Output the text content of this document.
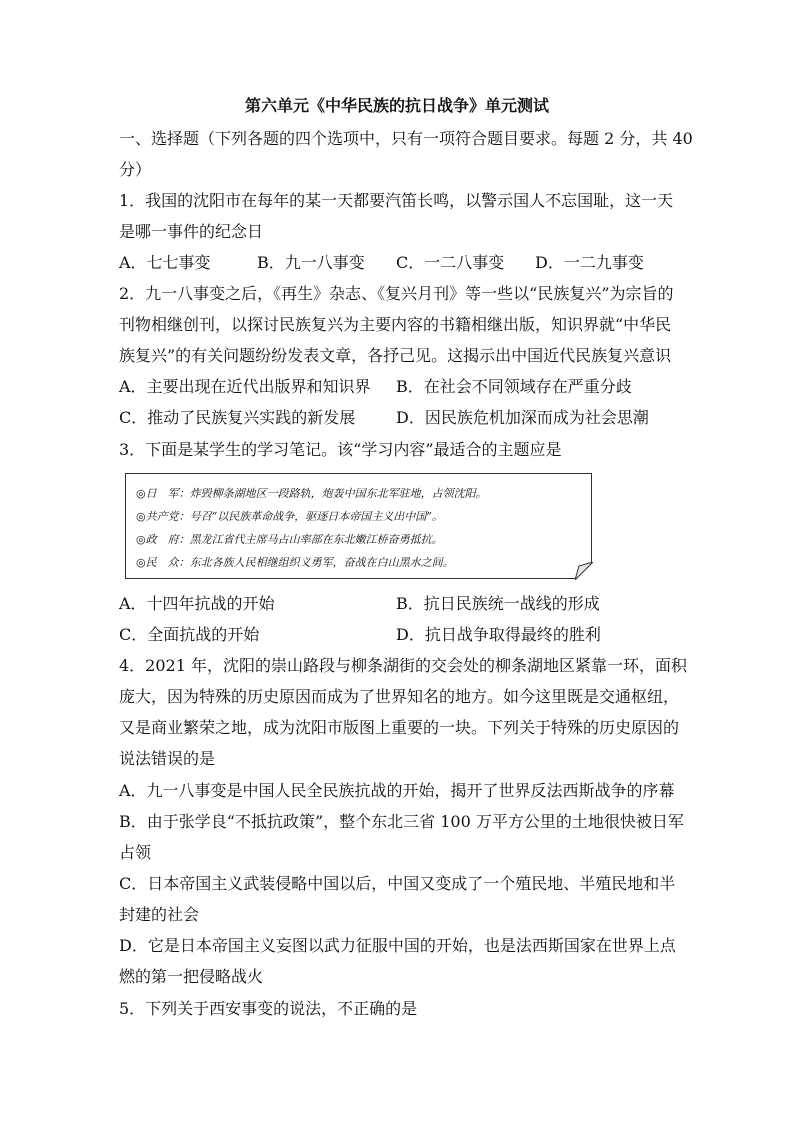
第六单元《中华民族的抗日战争》单元测试
一、选择题（下列各题的四个选项中，只有一项符合题目要求。每题 2 分，共 40
分）
1．我国的沈阳市在每年的某一天都要汽笛长鸣，以警示国人不忘国耻，这一天
是哪一事件的纪念日
A．七七事变	B．九一八事变 C．一二八事变 D．一二九事变
2．九一八事变之后，《再生》杂志、《复兴月刊》等一些以“民族复兴”为宗旨的
刊物相继创刊，以探讨民族复兴为主要内容的书籍相继出版，知识界就“中华民
族复兴”的有关问题纷纷发表文章，各抒己见。这揭示出中国近代民族复兴意识
A．主要出现在近代出版界和知识界 B．在社会不同领域存在严重分歧
C．推动了民族复兴实践的新发展	D．因民族危机加深而成为社会思潮
3．下面是某学生的学习笔记。该“学习内容”最适合的主题应是
◎日　军：炸毁柳条湖地区一段路轨，炮轰中国东北军驻地，占领沈阳。
◎共产党：号召“以民族革命战争，驱逐日本帝国主义出中国”。
◎政　府：黑龙江省代主席马占山率部在东北嫩江桥奋勇抵抗。
◎民　众：东北各族人民相继组织义勇军，奋战在白山黑水之间。
A．十四年抗战的开始	B．抗日民族统一战线的形成
C．全面抗战的开始	D．抗日战争取得最终的胜利
4．2021 年，沈阳的崇山路段与柳条湖街的交会处的柳条湖地区紧靠一环，面积
庞大，因为特殊的历史原因而成为了世界知名的地方。如今这里既是交通枢纽，
又是商业繁荣之地，成为沈阳市版图上重要的一块。下列关于特殊的历史原因的
说法错误的是
A．九一八事变是中国人民全民族抗战的开始，揭开了世界反法西斯战争的序幕
B．由于张学良“不抵抗政策”，整个东北三省 100 万平方公里的土地很快被日军
占领
C．日本帝国主义武装侵略中国以后，中国又变成了一个殖民地、半殖民地和半
封建的社会
D．它是日本帝国主义妄图以武力征服中国的开始，也是法西斯国家在世界上点
燃的第一把侵略战火
5．下列关于西安事变的说法，不正确的是
